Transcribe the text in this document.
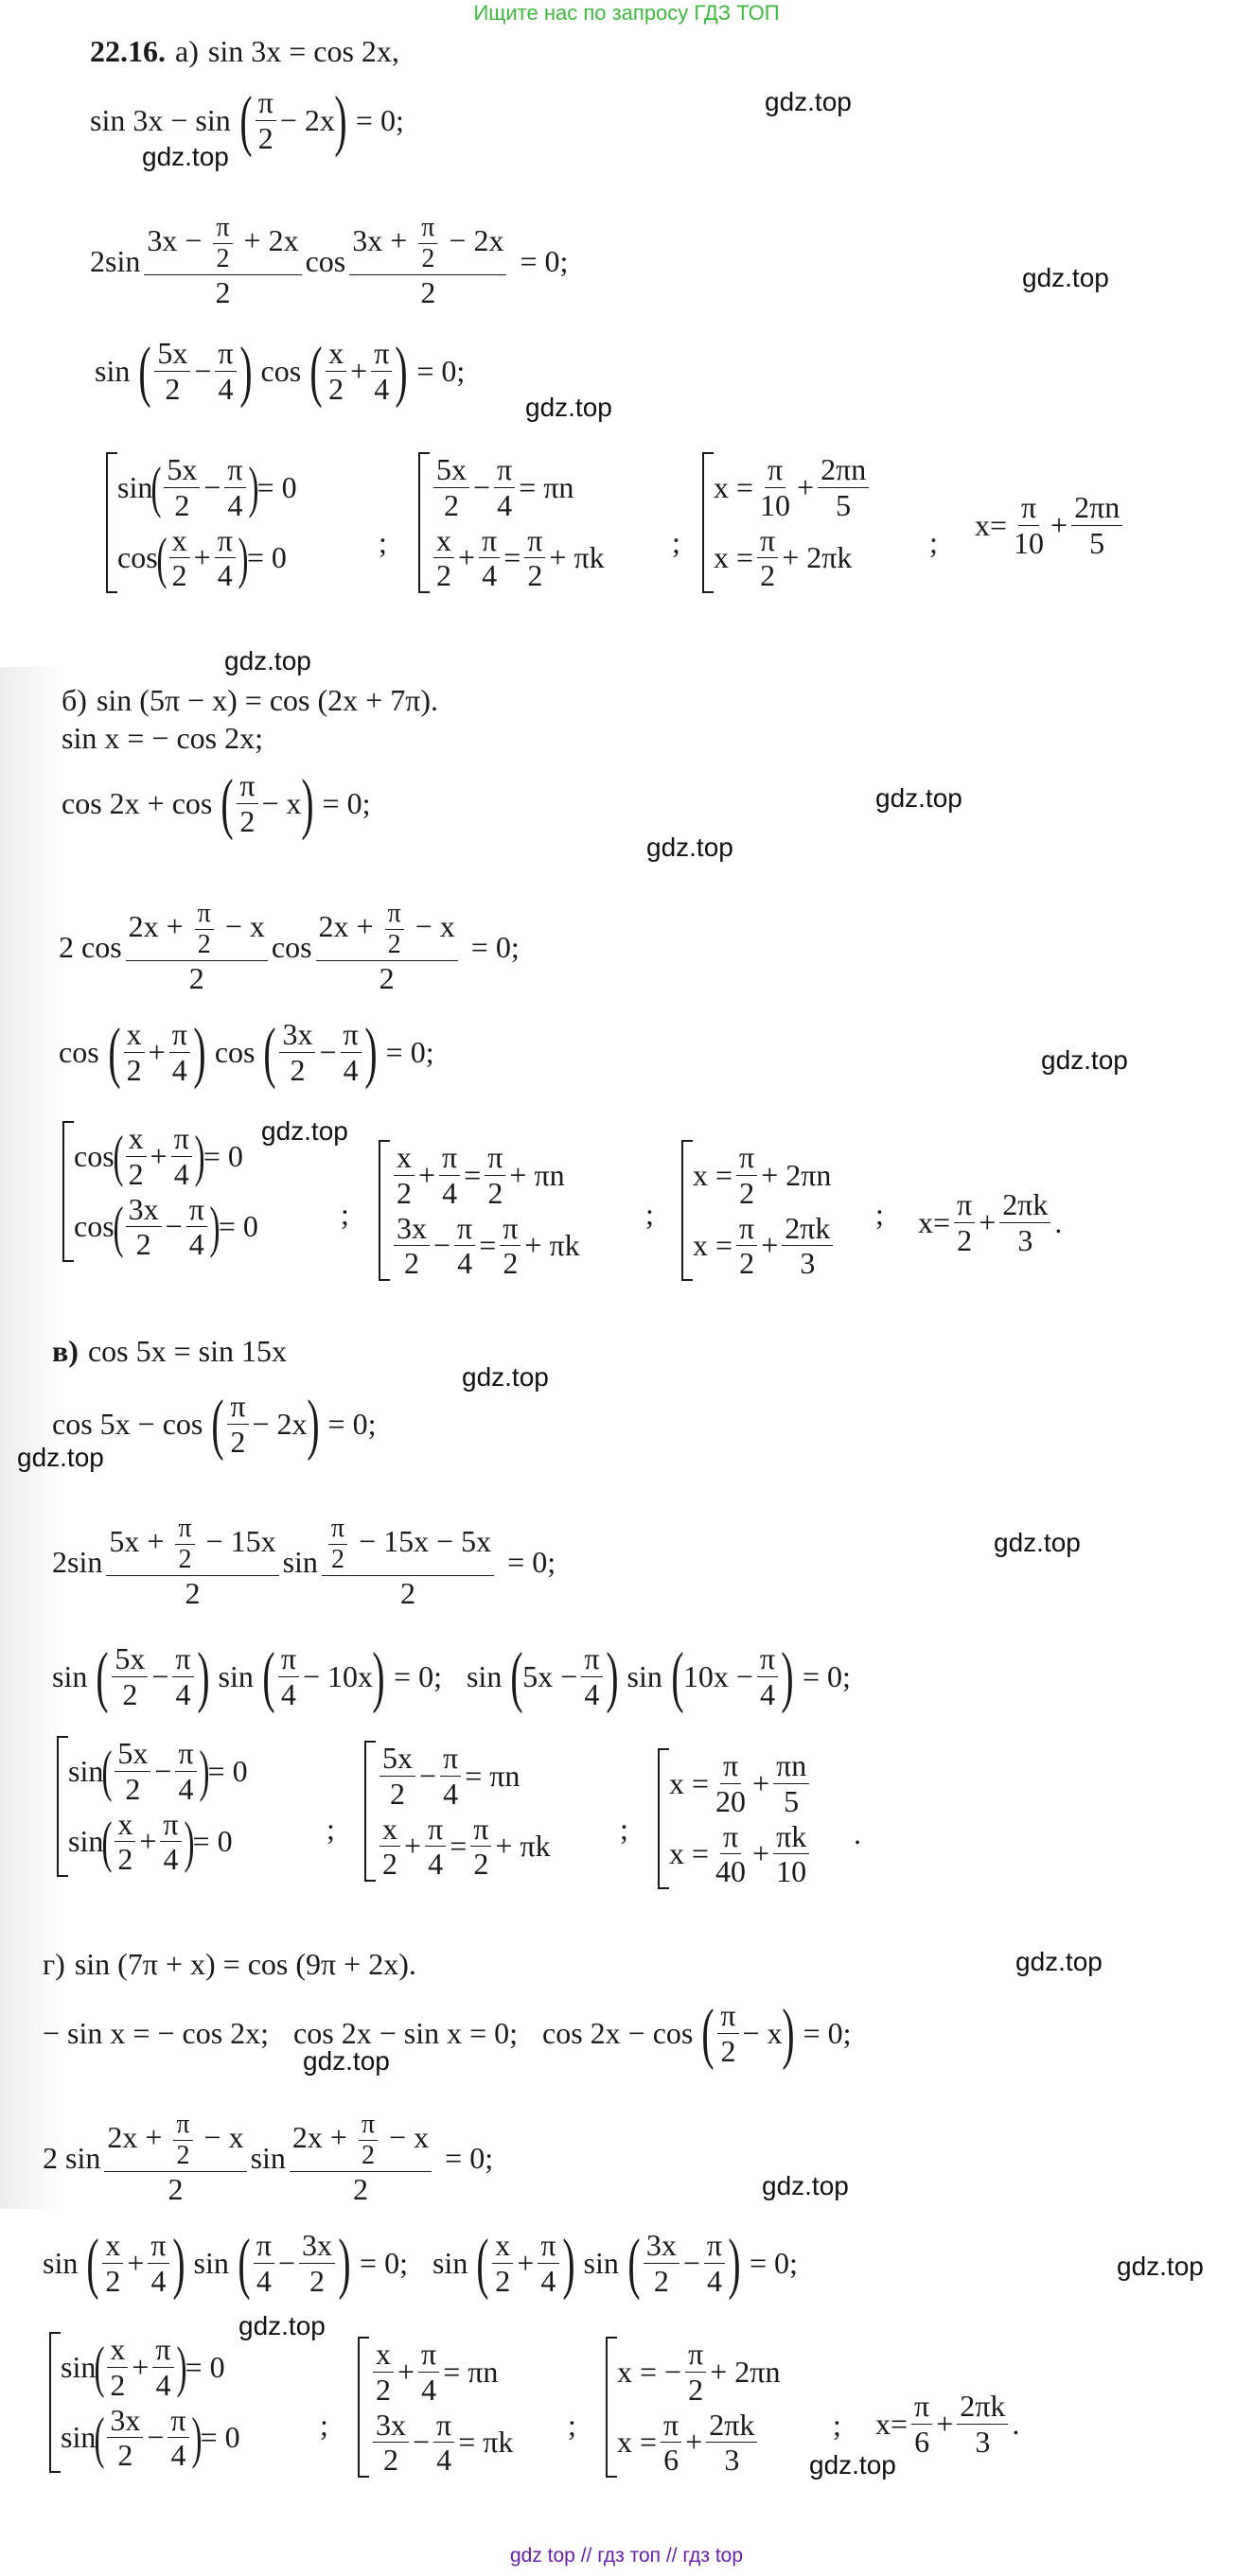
Ищите нас по запросу ГДЗ ТОП
gdz.top
gdz.top
gdz.top
gdz.top
gdz.top
gdz.top
gdz.top
gdz.top
gdz.top
gdz.top
gdz.top
gdz.top
gdz.top
gdz.top
gdz.top
gdz.top
gdz.top
gdz.top
22.16. а) sin 3x = cos 2x,
sin 3x − sin ( $\frac{\pi}{2} - 2x$ ) = 0;
$2\sin \frac{3x - \frac{\pi}{2} + 2x}{2}$ $\cos \frac{3x + \frac{\pi}{2} - 2x}{2} = 0$;
sin ( $\frac{5x}{2} - \frac{\pi}{4}$ ) cos ( $\frac{x}{2} + \frac{\pi}{4}$ ) = 0;
sin
( $\frac{5x}{2} - \frac{\pi}{4}$ )
= 0
cos
( $\frac{x}{2} + \frac{\pi}{4}$ )
= 0	;
$\frac{5x}{2} - \frac{\pi}{4} = \pi n$
$\frac{x}{2} + \frac{\pi}{4} = \frac{\pi}{2} + \pi k$ ;
$x = \frac{\pi}{10} + \frac{2\pi n}{5}$
$x = \frac{\pi}{2} + 2\pi k$	;
$x= \frac{\pi}{10} + \frac{2\pi n}{5}$
б) sin (5π − x) = cos (2x + 7π).
sin x = − cos 2x;
cos 2x + cos ( $\frac{\pi}{2} - x$ ) = 0;
2 $\cos \frac{2x + \frac{\pi}{2} - x}{2}$ $\cos \frac{2x + \frac{\pi}{2} - x}{2} = 0$;
cos ( $\frac{x}{2} + \frac{\pi}{4}$ ) cos ( $\frac{3x}{2} - \frac{\pi}{4}$ ) = 0;
cos
( $\frac{x}{2} + \frac{\pi}{4}$ )
= 0
cos
( $\frac{3x}{2} - \frac{\pi}{4}$ )
= 0	;
$\frac{x}{2} + \frac{\pi}{4} = \frac{\pi}{2} + \pi n$
$\frac{3x}{2} - \frac{\pi}{4} = \frac{\pi}{2} + \pi k$
;
$x = \frac{\pi}{2} + 2\pi n$
$x = \frac{\pi}{2} + \frac{2\pi k}{3}$ ; $x= \frac{\pi}{2} + \frac{2\pi k}{3}$ .
в) cos 5x = sin 15x
cos 5x − cos ( $\frac{\pi}{2} - 2x$ ) = 0;
$2\sin \frac{5x + \frac{\pi}{2} - 15x}{2}$ $\sin \frac{\frac{\pi}{2} - 15x - 5x}{2} = 0$;
sin ( $\frac{5x}{2} - \frac{\pi}{4}$ ) sin ( $\frac{\pi}{4} - 10x$ ) = 0; sin ( $5x - \frac{\pi}{4}$ ) sin ( $10x - \frac{\pi}{4}$ ) = 0;
sin
( $\frac{5x}{2} - \frac{\pi}{4}$ )
= 0
sin
( $\frac{x}{2} + \frac{\pi}{4}$ )
= 0	;
$\frac{5x}{2} - \frac{\pi}{4} = \pi n$
$\frac{x}{2} + \frac{\pi}{4} = \frac{\pi}{2} + \pi k$
;
$x = \frac{\pi}{20} + \frac{\pi n}{5}$
$x = \frac{\pi}{40} + \frac{\pi k}{10}$ .
г) sin (7π + x) = cos (9π + 2x).
− sin x = − cos 2x; cos 2x − sin x = 0; cos 2x − cos ( $\frac{\pi}{2} - x$ ) = 0;
2 $\sin \frac{2x + \frac{\pi}{2} - x}{2}$ $\sin \frac{2x + \frac{\pi}{2} - x}{2} = 0$;
sin ( $\frac{x}{2} + \frac{\pi}{4}$ ) sin ( $\frac{\pi}{4} - \frac{3x}{2}$ ) = 0; sin ( $\frac{x}{2} + \frac{\pi}{4}$ ) sin ( $\frac{3x}{2} - \frac{\pi}{4}$ ) = 0;
sin
( $\frac{x}{2} + \frac{\pi}{4}$ )
= 0
sin
( $\frac{3x}{2} - \frac{\pi}{4}$ )
= 0	;
$\frac{x}{2} + \frac{\pi}{4} = \pi n$
$\frac{3x}{2} - \frac{\pi}{4} = \pi k$
;
x = − $\frac{\pi}{2} + 2\pi n$
$x = \frac{\pi}{6} + \frac{2\pi k}{3}$ ; $x= \frac{\pi}{6} + \frac{2\pi k}{3}$ .
gdz top // гдз топ // гдз top
